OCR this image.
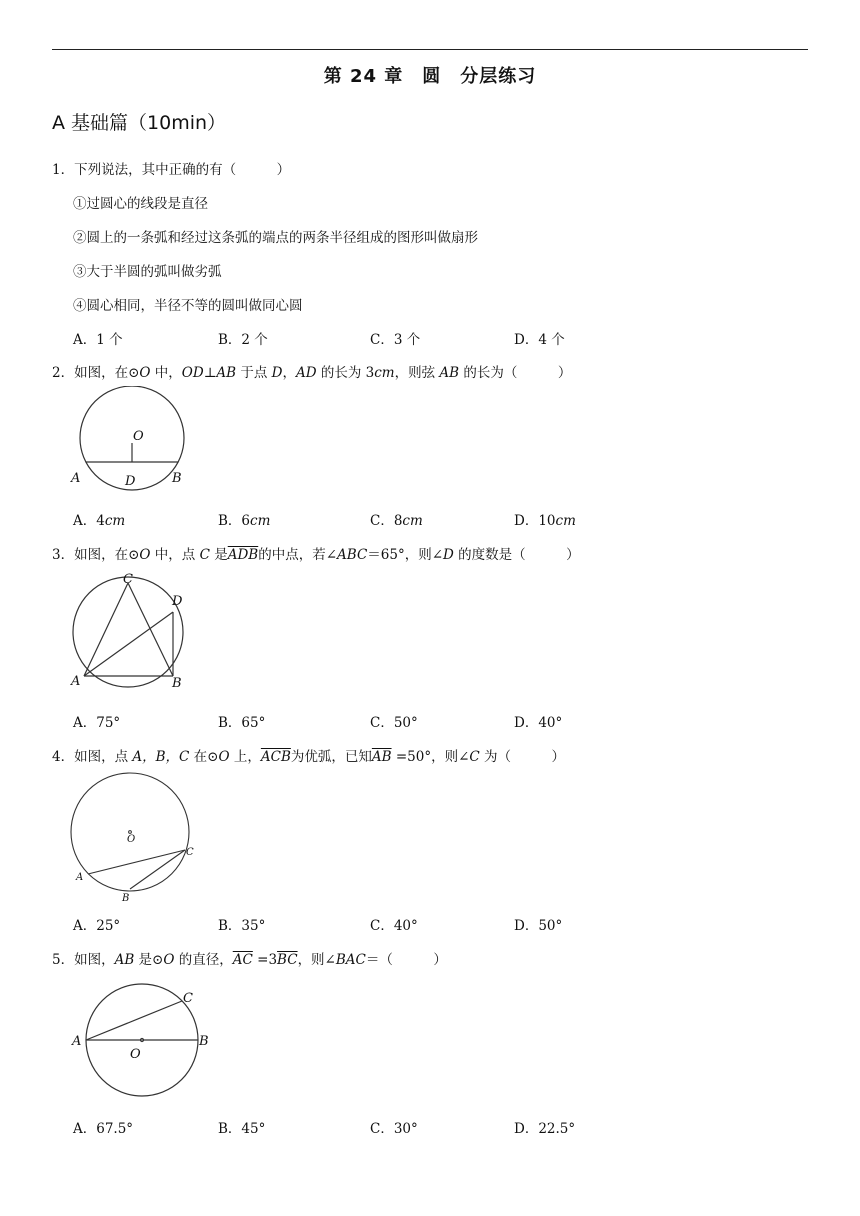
第 24 章　圆　分层练习
A 基础篇（10min）
1．下列说法，其中正确的有（　　　）
①过圆心的线段是直径
②圆上的一条弧和经过这条弧的端点的两条半径组成的图形叫做扇形
③大于半圆的弧叫做劣弧
④圆心相同，半径不等的圆叫做同心圆
A．1 个	B．2 个	C．3 个	D．4 个
2．如图，在⊙O 中，OD⊥AB 于点 D，AD 的长为 3cm，则弦 AB 的长为（　　　）
O
A	D	B
A．4cm	B．6cm	C．8cm	D．10cm
3．如图，在⊙O 中，点 C 是$\overline{ADB}$的中点，若∠ABC＝65°，则∠D 的度数是（　　　）
C
D
A	B
A．75°	B．65°	C．50°	D．40°
4．如图，点 A，B，C 在⊙O 上，$\overline{ACB}$为优弧，已知$\overline{AB} =50^\circ$，则∠C 为（　　　）
O
A
B
C
A．25°	B．35°	C．40°	D．50°
5．如图，AB 是⊙O 的直径，$\overline{AC} =3\overline{BC}$，则∠BAC＝（　　　）
C
A	B
O
A．67.5°	B．45°	C．30°	D．22.5°
